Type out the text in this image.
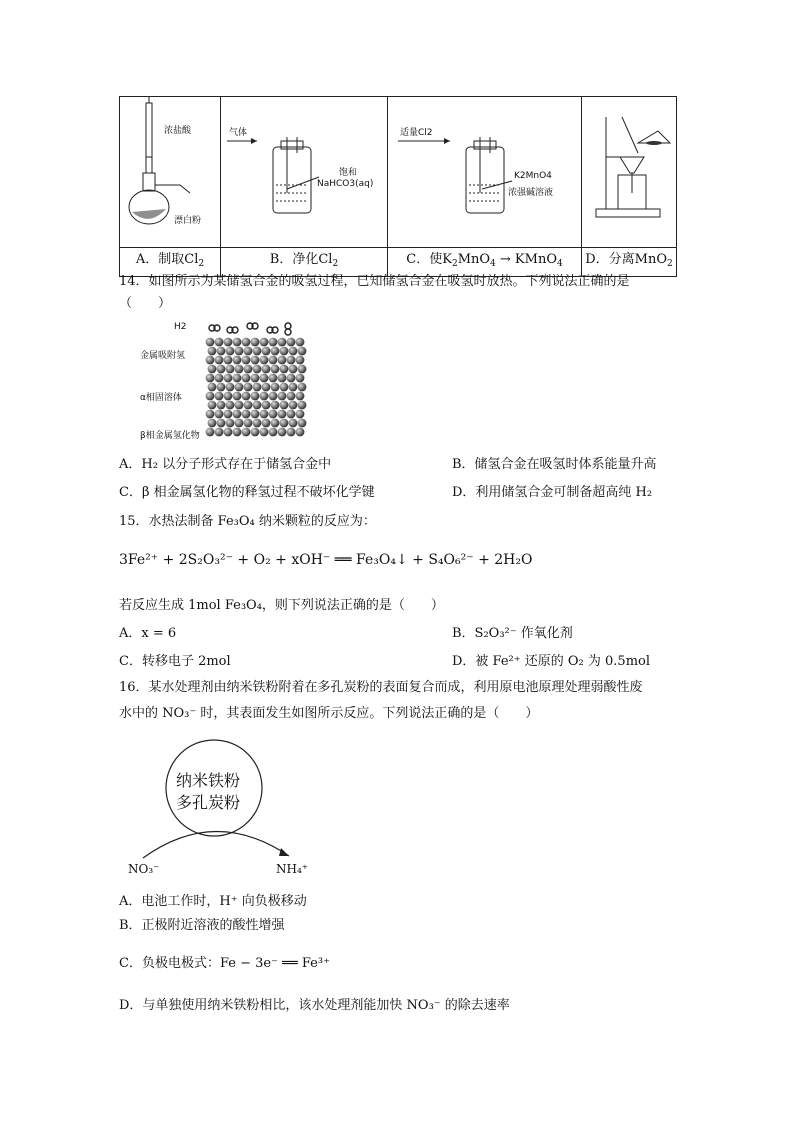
浓盐酸
漂白粉	气体
饱和
NaHCO3(aq)	适量Cl2
K2MnO4
浓强碱溶液

A．制取$Cl_2$	B．净化$Cl_2$	C．使$K_2MnO_4$ → KMnO$_4$	D．分离MnO$_2$
14．如图所示为某储氢合金的吸氢过程，已知储氢合金在吸氢时放热。下列说法正确的是
（　　）
H2
金属吸附氢
α相固溶体
β相金属氢化物
A．H₂ 以分子形式存在于储氢合金中	B．储氢合金在吸氢时体系能量升高
C．β 相金属氢化物的释氢过程不破坏化学键	D．利用储氢合金可制备超高纯 H₂
15．水热法制备 Fe₃O₄ 纳米颗粒的反应为：
3Fe²⁺ + 2S₂O₃²⁻ + O₂ + xOH⁻ ══ Fe₃O₄↓ + S₄O₆²⁻ + 2H₂O
若反应生成 1mol Fe₃O₄，则下列说法正确的是（　　）
A．x = 6	B．S₂O₃²⁻ 作氧化剂
C．转移电子 2mol	D．被 Fe²⁺ 还原的 O₂ 为 0.5mol
16．某水处理剂由纳米铁粉附着在多孔炭粉的表面复合而成，利用原电池原理处理弱酸性废
水中的 NO₃⁻ 时，其表面发生如图所示反应。下列说法正确的是（　　）
纳米铁粉
多孔炭粉
NO₃⁻	NH₄⁺
A．电池工作时，H⁺ 向负极移动
B．正极附近溶液的酸性增强
C．负极电极式：Fe − 3e⁻ ══ Fe³⁺
D．与单独使用纳米铁粉相比，该水处理剂能加快 NO₃⁻ 的除去速率
